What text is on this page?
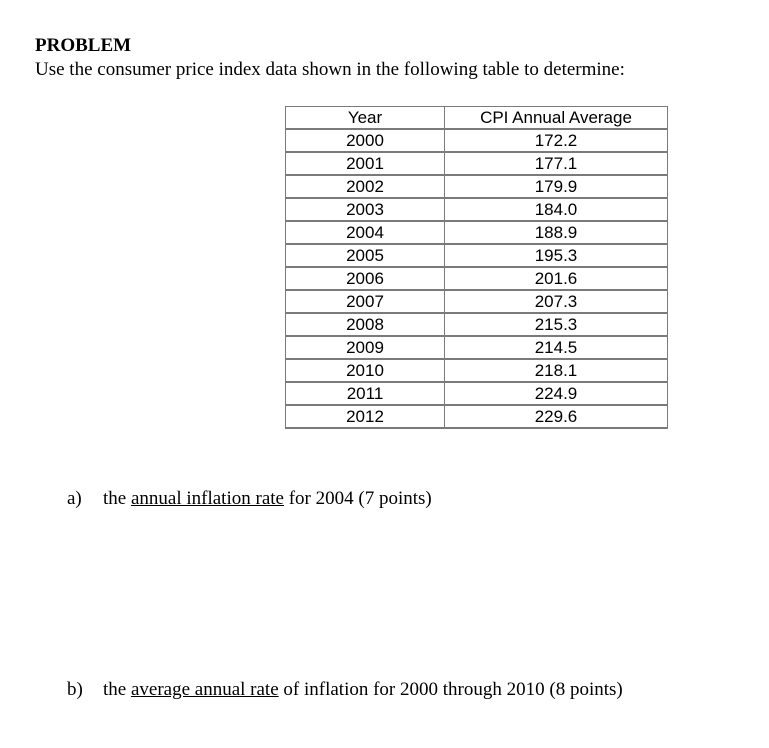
PROBLEM
Use the consumer price index data shown in the following table to determine:
Year	CPI Annual Average
2000	172.2
2001	177.1
2002	179.9
2003	184.0
2004	188.9
2005	195.3
2006	201.6
2007	207.3
2008	215.3
2009	214.5
2010	218.1
2011	224.9
2012	229.6
a) the annual inflation rate for 2004 (7 points)
b) the average annual rate of inflation for 2000 through 2010 (8 points)
